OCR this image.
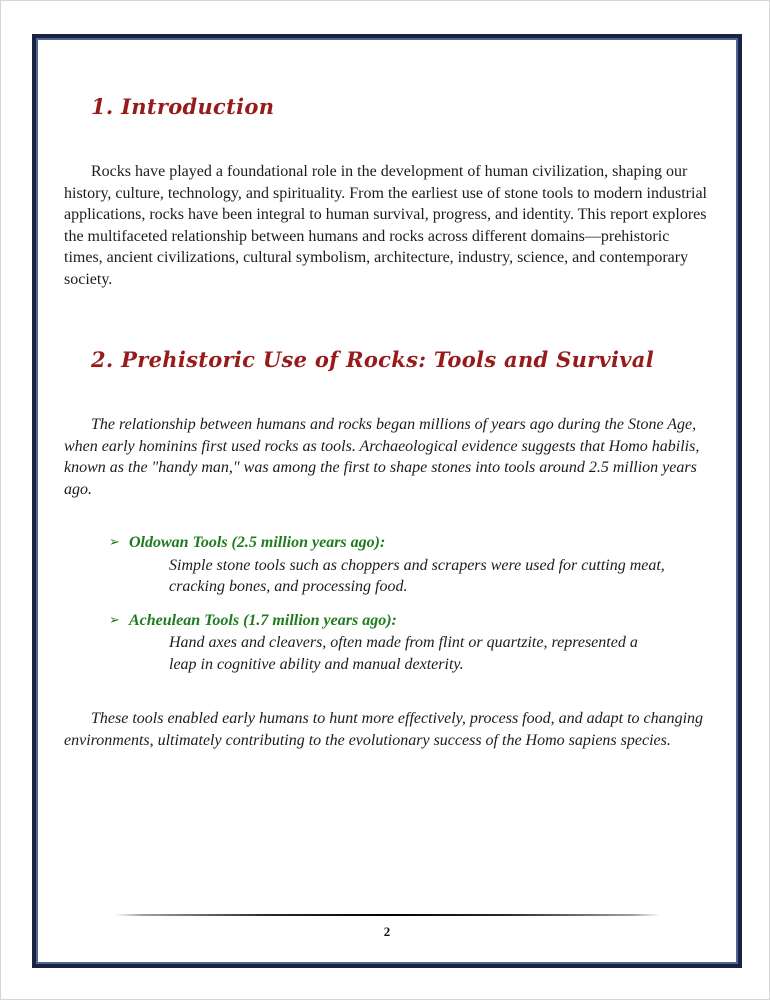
1. Introduction

Rocks have played a foundational role in the development of human civilization, shaping our history, culture, technology, and spirituality. From the earliest use of stone tools to modern industrial applications, rocks have been integral to human survival, progress, and identity. This report explores the multifaceted relationship between humans and rocks across different domains—prehistoric times, ancient civilizations, cultural symbolism, architecture, industry, science, and contemporary society.

2. Prehistoric Use of Rocks: Tools and Survival

The relationship between humans and rocks began millions of years ago during the Stone Age, when early hominins first used rocks as tools. Archaeological evidence suggests that Homo habilis, known as the "handy man," was among the first to shape stones into tools around 2.5 million years ago.

➢ Oldowan Tools (2.5 million years ago):
Simple stone tools such as choppers and scrapers were used for cutting meat, cracking bones, and processing food.
➢ Acheulean Tools (1.7 million years ago):
Hand axes and cleavers, often made from flint or quartzite, represented a leap in cognitive ability and manual dexterity.

These tools enabled early humans to hunt more effectively, process food, and adapt to changing environments, ultimately contributing to the evolutionary success of the Homo sapiens species.

2
